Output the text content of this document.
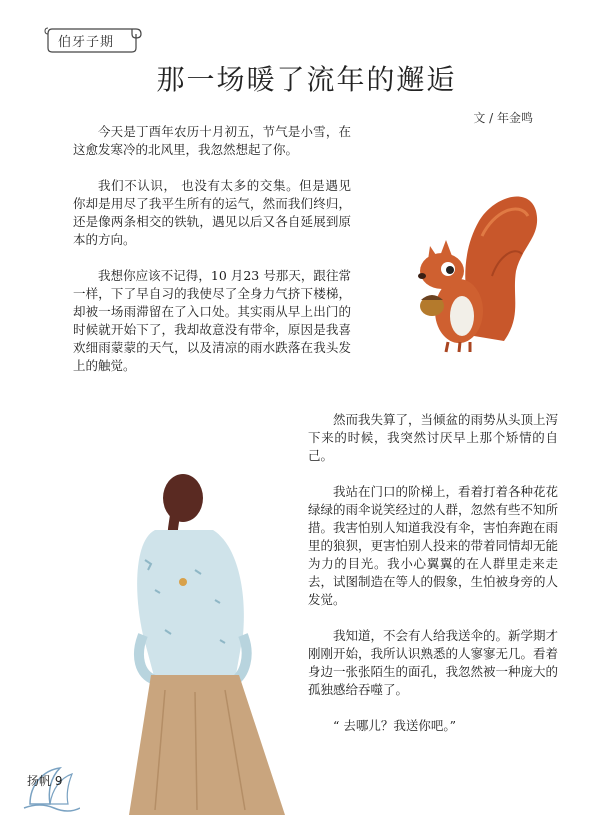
伯牙子期
那一场暖了流年的邂逅
文 / 年金鸣

今天是丁酉年农历十月初五，节气是小雪，在这愈发寒冷的北风里，我忽然想起了你。

我们不认识， 也没有太多的交集。但是遇见你却是用尽了我平生所有的运气，然而我们终归，还是像两条相交的铁轨，遇见以后又各自延展到原本的方向。

我想你应该不记得，10 月23 号那天，跟往常一样，下了早自习的我使尽了全身力气挤下楼梯，却被一场雨滞留在了入口处。其实雨从早上出门的时候就开始下了，我却故意没有带伞，原因是我喜欢细雨蒙蒙的天气，以及清凉的雨水跌落在我头发上的触觉。

然而我失算了，当倾盆的雨势从头顶上泻下来的时候，我突然讨厌早上那个矫情的自己。

我站在门口的阶梯上，看着打着各种花花绿绿的雨伞说笑经过的人群，忽然有些不知所措。我害怕别人知道我没有伞，害怕奔跑在雨里的狼狈，更害怕别人投来的带着同情却无能为力的目光。我小心翼翼的在人群里走来走去，试图制造在等人的假象，生怕被身旁的人发觉。

我知道，不会有人给我送伞的。新学期才刚刚开始，我所认识熟悉的人寥寥无几。看着身边一张张陌生的面孔，我忽然被一种庞大的孤独感给吞噬了。

“ 去哪儿？我送你吧。”

扬帆 9
